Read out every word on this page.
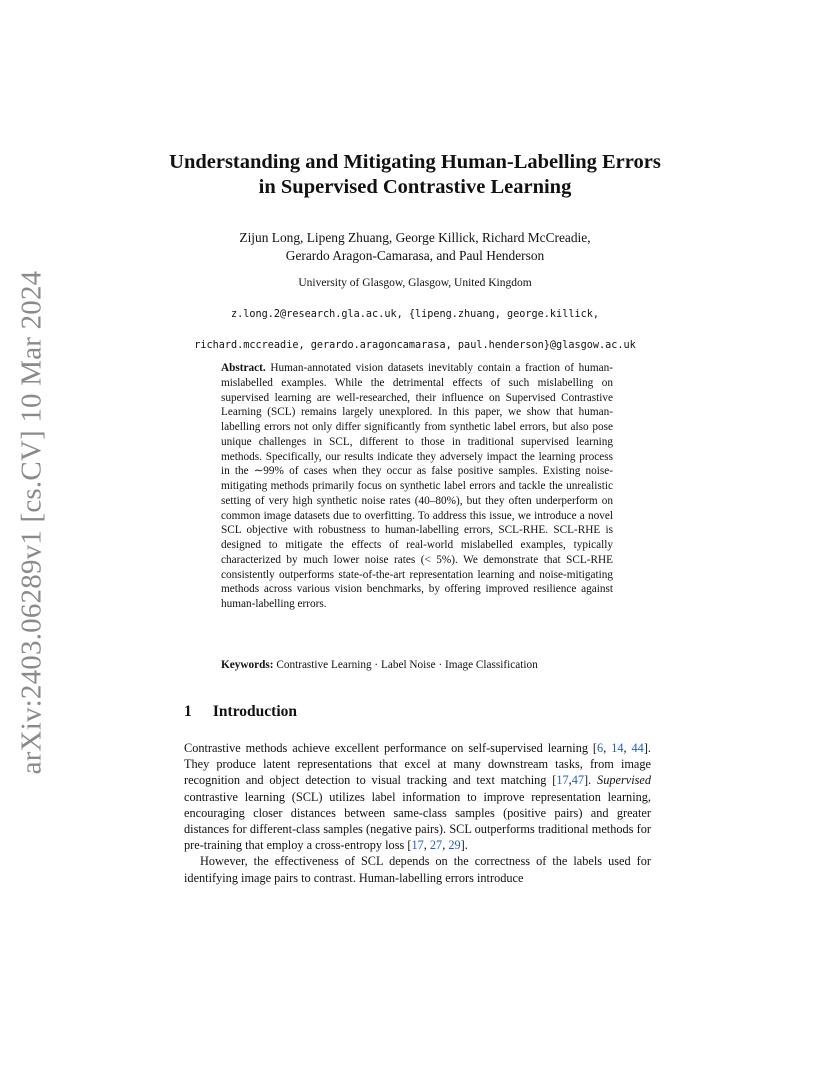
arXiv:2403.06289v1 [cs.CV] 10 Mar 2024
Understanding and Mitigating Human-Labelling Errors in Supervised Contrastive Learning
Zijun Long, Lipeng Zhuang, George Killick, Richard McCreadie,
Gerardo Aragon-Camarasa, and Paul Henderson
University of Glasgow, Glasgow, United Kingdom

z.long.2@research.gla.ac.uk, {lipeng.zhuang, george.killick,

richard.mccreadie, gerardo.aragoncamarasa, paul.henderson}@glasgow.ac.uk

Abstract. Human-annotated vision datasets inevitably contain a fraction of human-mislabelled examples. While the detrimental effects of such mislabelling on supervised learning are well-researched, their influence on Supervised Contrastive Learning (SCL) remains largely unexplored. In this paper, we show that human-labelling errors not only differ significantly from synthetic label errors, but also pose unique challenges in SCL, different to those in traditional supervised learning methods. Specifically, our results indicate they adversely impact the learning process in the ∼99% of cases when they occur as false positive samples. Existing noise-mitigating methods primarily focus on synthetic label errors and tackle the unrealistic setting of very high synthetic noise rates (40–80%), but they often underperform on common image datasets due to overfitting. To address this issue, we introduce a novel SCL objective with robustness to human-labelling errors, SCL-RHE. SCL-RHE is designed to mitigate the effects of real-world mislabelled examples, typically characterized by much lower noise rates (< 5%). We demonstrate that SCL-RHE consistently outperforms state-of-the-art representation learning and noise-mitigating methods across various vision benchmarks, by offering improved resilience against human-labelling errors.
Keywords: Contrastive Learning · Label Noise · Image Classification
1 Introduction

Contrastive methods achieve excellent performance on self-supervised learning [6, 14, 44]. They produce latent representations that excel at many downstream tasks, from image recognition and object detection to visual tracking and text matching [17,47]. Supervised contrastive learning (SCL) utilizes label information to improve representation learning, encouraging closer distances between same-class samples (positive pairs) and greater distances for different-class samples (negative pairs). SCL outperforms traditional methods for pre-training that employ a cross-entropy loss [17, 27, 29].

However, the effectiveness of SCL depends on the correctness of the labels used for identifying image pairs to contrast. Human-labelling errors introduce
